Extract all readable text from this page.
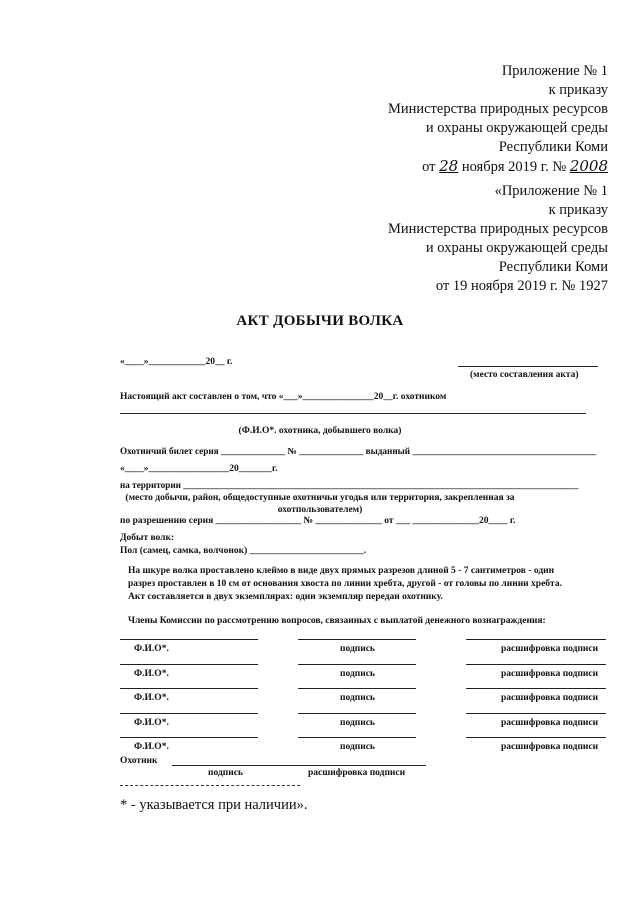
Приложение № 1
к приказу
Министерства природных ресурсов
и охраны окружающей среды
Республики Коми
от 28 ноября 2019 г. № 2008
«Приложение № 1
к приказу
Министерства природных ресурсов
и охраны окружающей среды
Республики Коми
от 19 ноября 2019 г. № 1927
АКТ ДОБЫЧИ ВОЛКА
«____»____________20__ г.
(место составления акта)
Настоящий акт составлен о том, что «___»_______________20__г. охотником
(Ф.И.О*. охотника, добывшего волка)
Охотничий билет серия ______________ № ______________ выданный ________________________________________
«____»_________________20_______г.
на территории ______________________________________________________________________________________
(место добычи, район, общедоступные охотничьи угодья или территория, закрепленная за
охотпользователем)
по разрешению серия __________________ № ______________ от ___ ______________20____ г.
Добыт волк:
Пол (самец, самка, волчонок) ________________________.
На шкуре волка проставлено клеймо в виде двух прямых разрезов длиной 5 - 7 сантиметров - один
разрез проставлен в 10 см от основания хвоста по линии хребта, другой - от головы по линии хребта.
Акт составляется в двух экземплярах: один экземпляр передан охотнику.
Члены Комиссии по рассмотрению вопросов, связанных с выплатой денежного вознаграждения:
Ф.И.О*.	подпись	расшифровка подписи
Ф.И.О*.	подпись	расшифровка подписи
Ф.И.О*.	подпись	расшифровка подписи
Ф.И.О*.	подпись	расшифровка подписи
Ф.И.О*.	подпись	расшифровка подписи
Охотник
подпись	расшифровка подписи
* - указывается при наличии».
